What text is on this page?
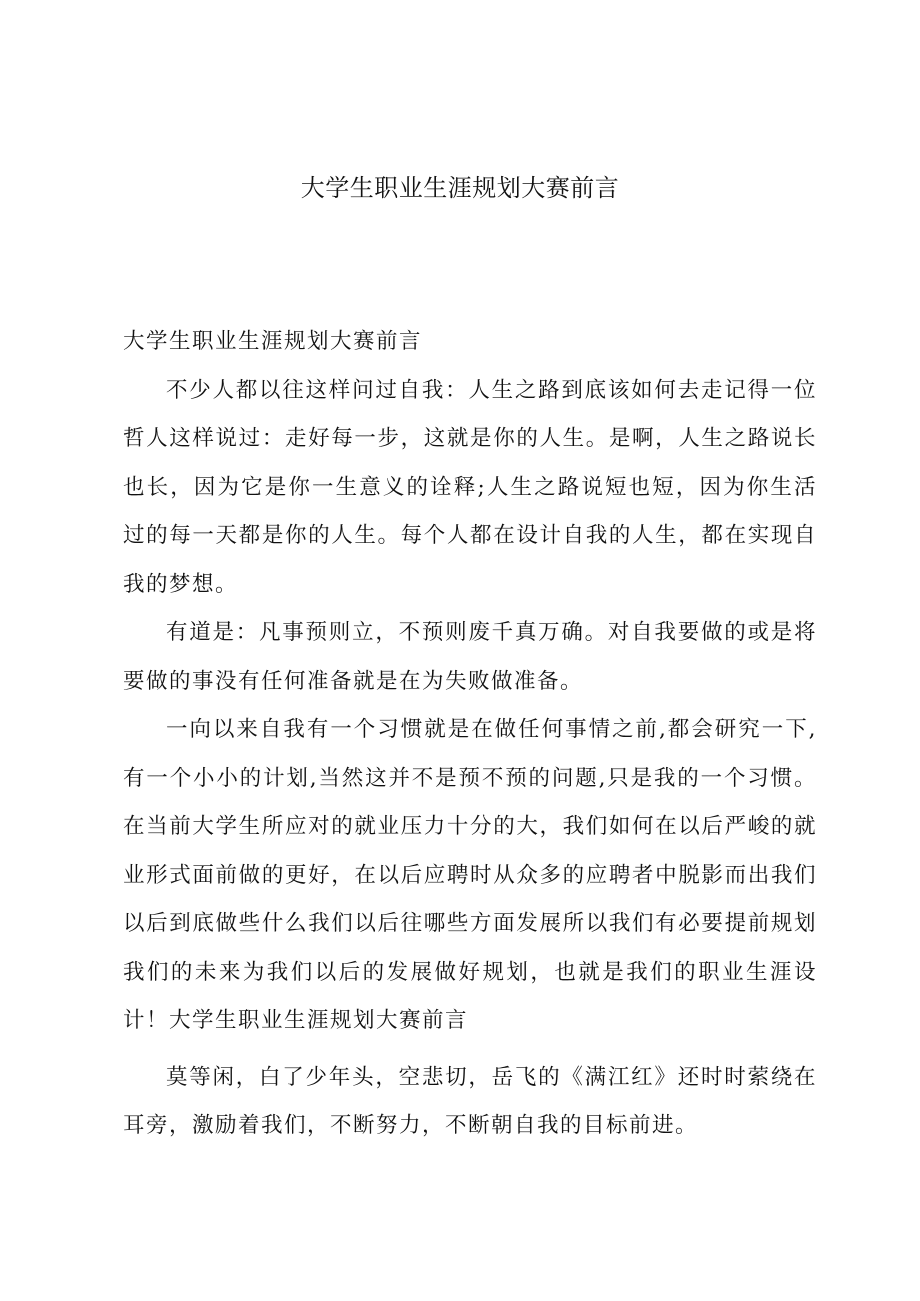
大学生职业生涯规划大赛前言

大学生职业生涯规划大赛前言

不少人都以往这样问过自我：人生之路到底该如何去走记得一位哲人这样说过：走好每一步，这就是你的人生。是啊，人生之路说长也长，因为它是你一生意义的诠释;人生之路说短也短，因为你生活过的每一天都是你的人生。每个人都在设计自我的人生，都在实现自我的梦想。

有道是：凡事预则立，不预则废千真万确。对自我要做的或是将要做的事没有任何准备就是在为失败做准备。

一向以来自我有一个习惯就是在做任何事情之前,都会研究一下,有一个小小的计划,当然这并不是预不预的问题,只是我的一个习惯。在当前大学生所应对的就业压力十分的大，我们如何在以后严峻的就业形式面前做的更好，在以后应聘时从众多的应聘者中脱影而出我们以后到底做些什么我们以后往哪些方面发展所以我们有必要提前规划我们的未来为我们以后的发展做好规划，也就是我们的职业生涯设计！大学生职业生涯规划大赛前言

莫等闲，白了少年头，空悲切，岳飞的《满江红》还时时萦绕在耳旁，激励着我们，不断努力，不断朝自我的目标前进。
